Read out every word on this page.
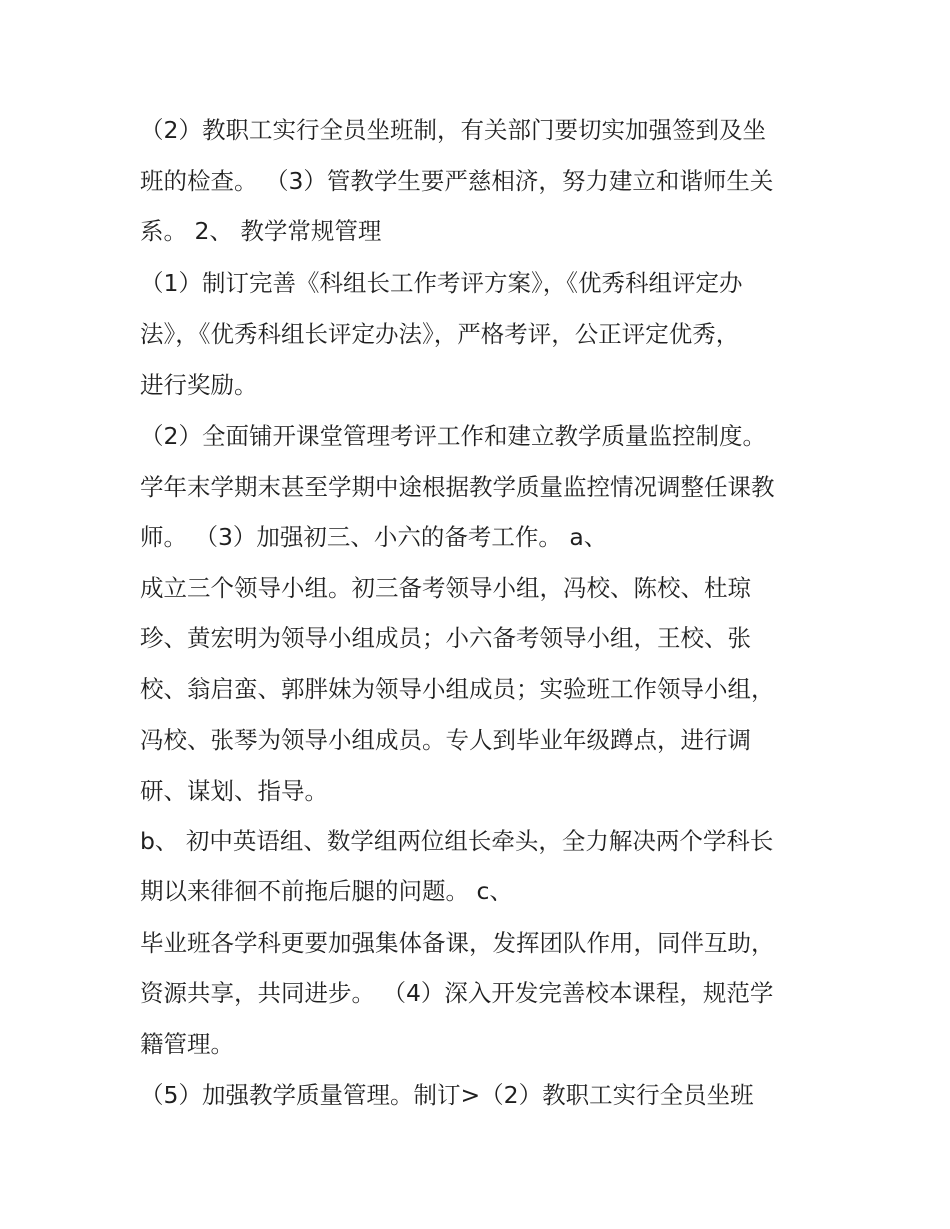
（2）教职工实行全员坐班制，有关部门要切实加强签到及坐
班的检查。 （3）管教学生要严慈相济，努力建立和谐师生关
系。 2、 教学常规管理
（1）制订完善《科组长工作考评方案》，《优秀科组评定办
法》，《优秀科组长评定办法》，严格考评，公正评定优秀，
进行奖励。
（2）全面铺开课堂管理考评工作和建立教学质量监控制度。
学年末学期末甚至学期中途根据教学质量监控情况调整任课教
师。 （3）加强初三、小六的备考工作。 a、
成立三个领导小组。初三备考领导小组，冯校、陈校、杜琼
珍、黄宏明为领导小组成员；小六备考领导小组，王校、张
校、翁启蛮、郭胖妹为领导小组成员；实验班工作领导小组，
冯校、张琴为领导小组成员。专人到毕业年级蹲点，进行调
研、谋划、指导。
b、 初中英语组、数学组两位组长牵头，全力解决两个学科长
期以来徘徊不前拖后腿的问题。 c、
毕业班各学科更要加强集体备课，发挥团队作用，同伴互助，
资源共享，共同进步。 （4）深入开发完善校本课程，规范学
籍管理。
（5）加强教学质量管理。制订>（2）教职工实行全员坐班
